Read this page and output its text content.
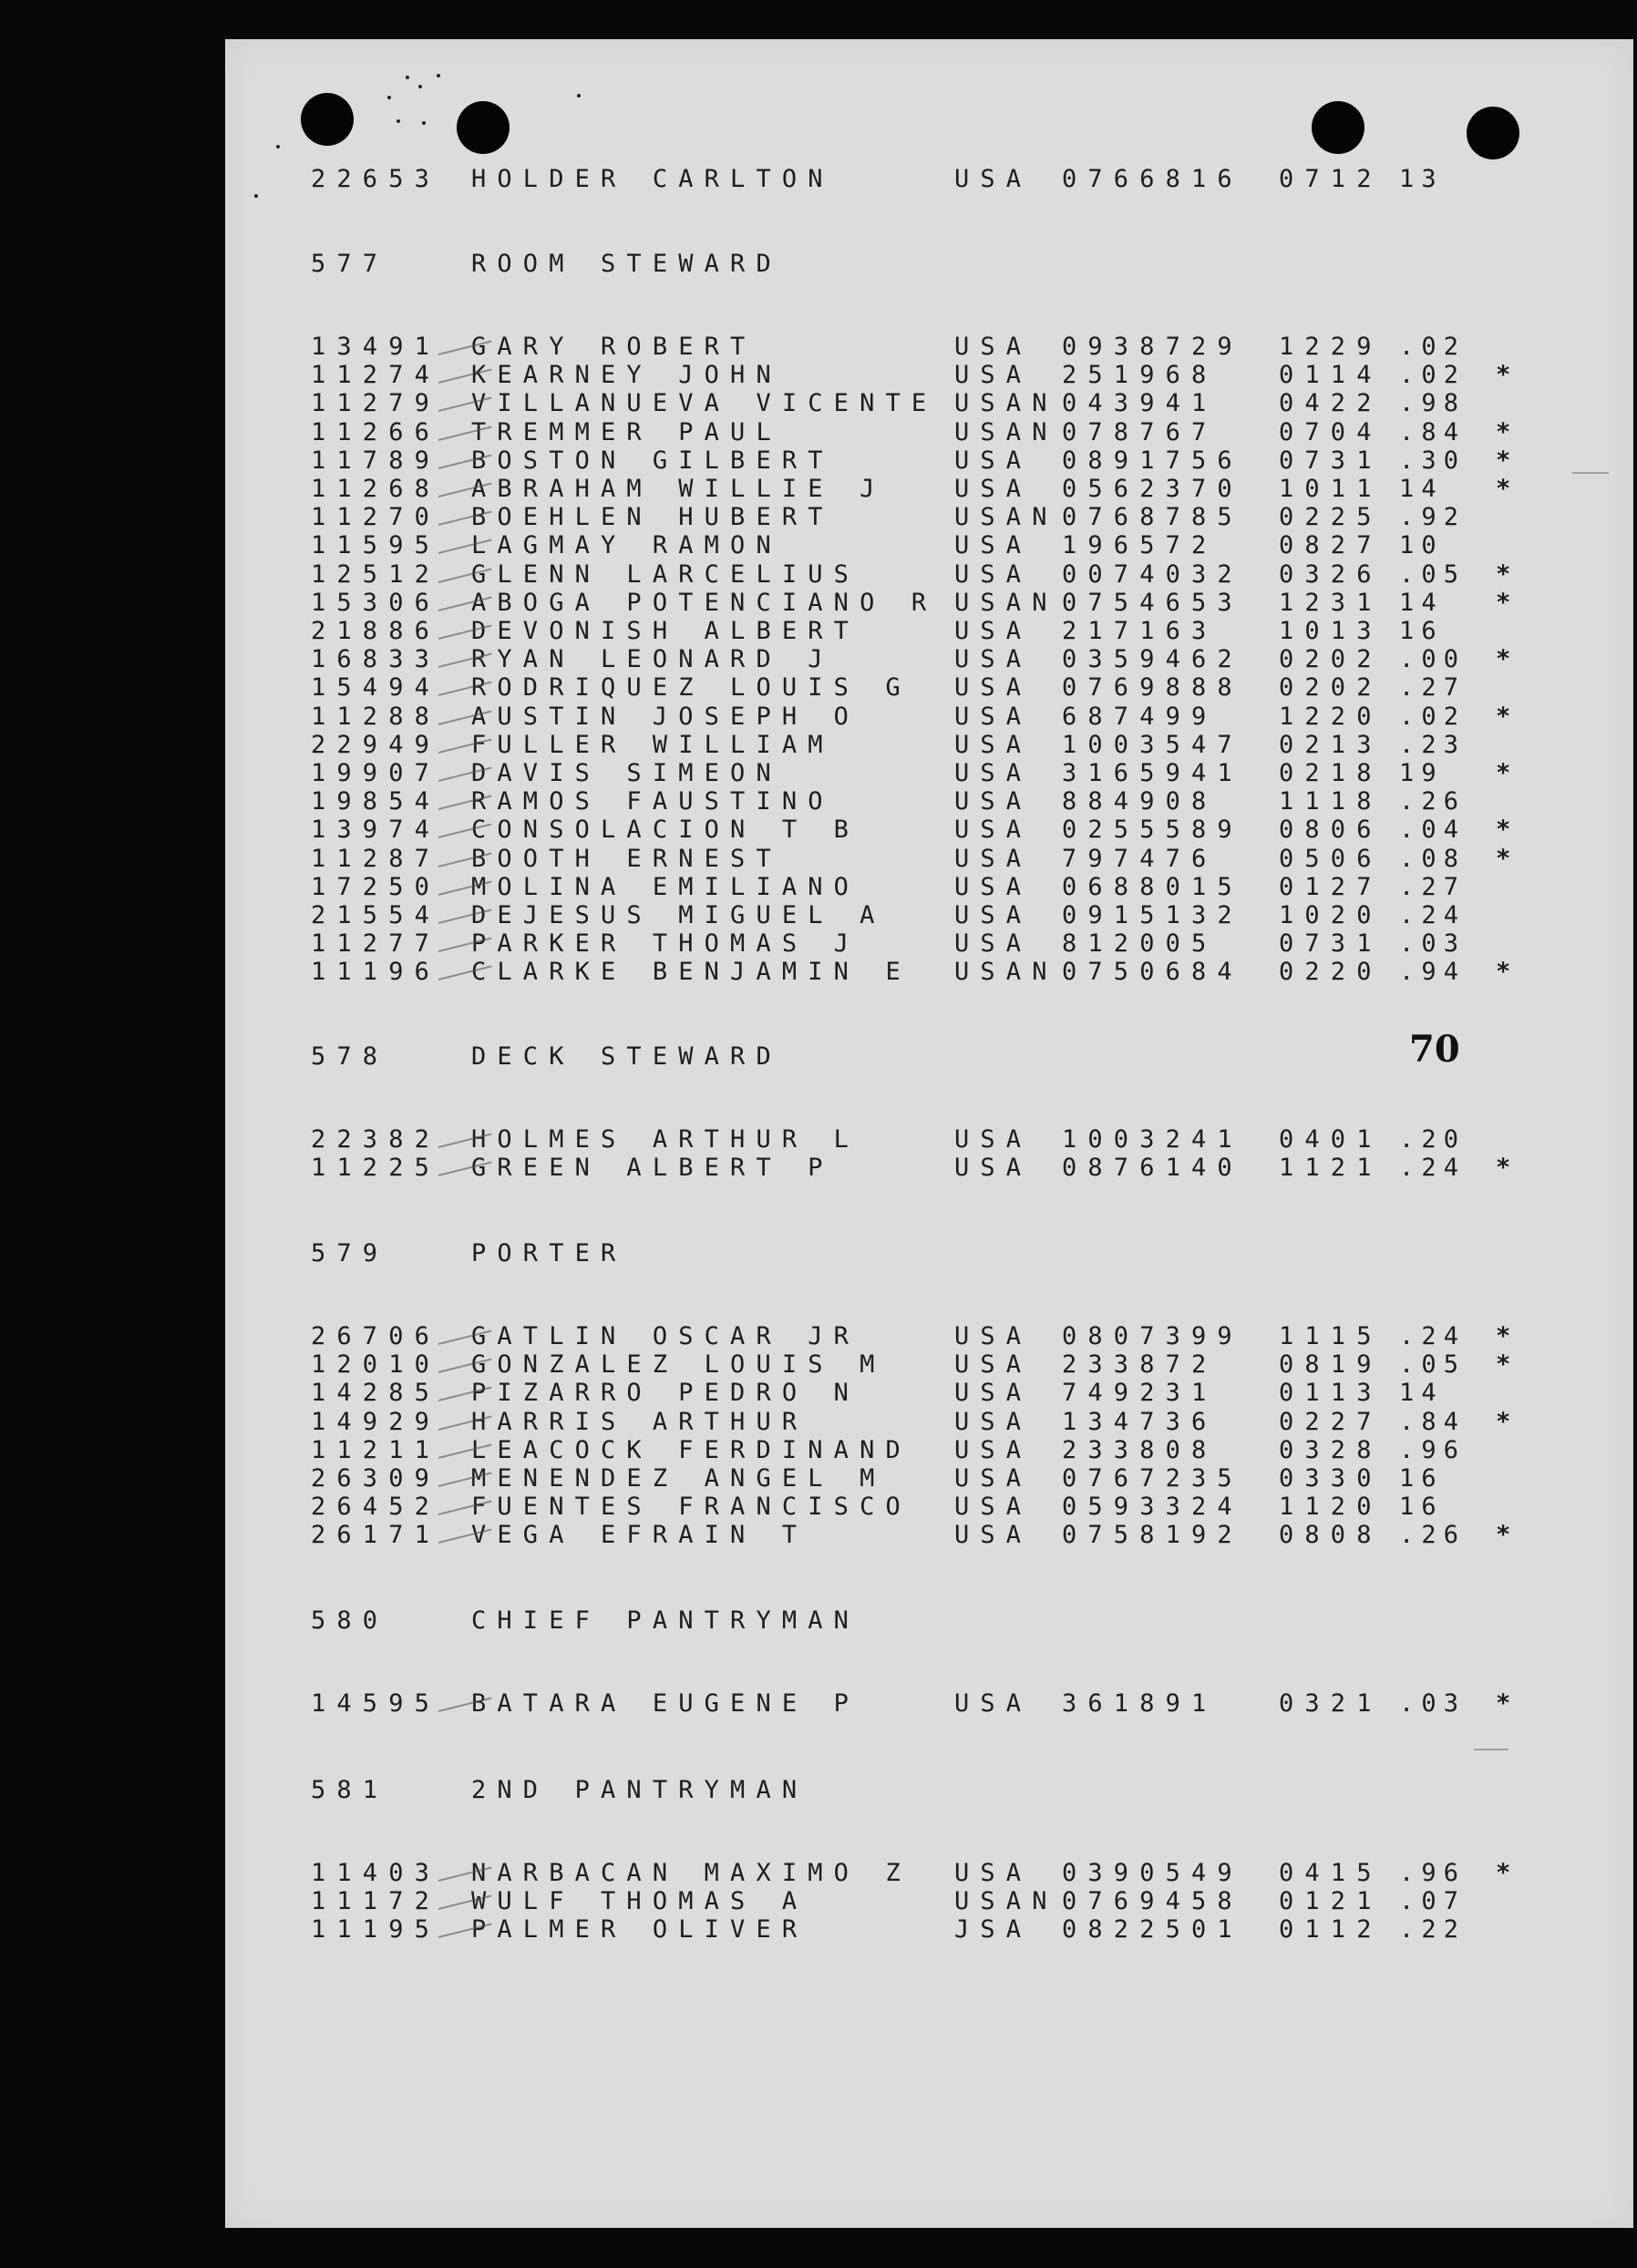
22653 HOLDER CARLTON	USA 0766816 0712 13
577	ROOM STEWARD
13491 GARY ROBERT	USA 0938729 1229 .02
11274 KEARNEY JOHN	USA 251968	0114 .02 *
11279 VILLANUEVA VICENTE USAN 043941	0422 .98
11266 TREMMER PAUL	USAN 078767	0704 .84 *
11789 BOSTON GILBERT	USA 0891756 0731 .30 *
11268 ABRAHAM WILLIE J	USA 0562370 1011 14 *
11270 BOEHLEN HUBERT	USAN 0768785 0225 .92
11595 LAGMAY RAMON	USA 196572	0827 10
12512 GLENN LARCELIUS	USA 0074032 0326 .05 *
15306 ABOGA POTENCIANO R USAN 0754653 1231 14 *
21886 DEVONISH ALBERT	USA 217163	1013 16
16833 RYAN LEONARD J	USA 0359462 0202 .00 *
15494 RODRIQUEZ LOUIS G USA 0769888 0202 .27
11288 AUSTIN JOSEPH O	USA 687499	1220 .02 *
22949 FULLER WILLIAM	USA 1003547 0213 .23
19907 DAVIS SIMEON	USA 3165941 0218 19 *
19854 RAMOS FAUSTINO	USA 884908	1118 .26
13974 CONSOLACION T B	USA 0255589 0806 .04 *
11287 BOOTH ERNEST	USA 797476	0506 .08 *
17250 MOLINA EMILIANO	USA 0688015 0127 .27
21554 DEJESUS MIGUEL A	USA 0915132 1020 .24
11277 PARKER THOMAS J	USA 812005	0731 .03
11196 CLARKE BENJAMIN E USAN 0750684 0220 .94 *
578	DECK STEWARD
22382 HOLMES ARTHUR L	USA 1003241 0401 .20
11225 GREEN ALBERT P	USA 0876140 1121 .24 *
579	PORTER
26706 GATLIN OSCAR JR	USA 0807399 1115 .24 *
12010 GONZALEZ LOUIS M	USA 233872	0819 .05 *
14285 PIZARRO PEDRO N	USA 749231	0113 14
14929 HARRIS ARTHUR	USA 134736	0227 .84 *
11211 LEACOCK FERDINAND USA 233808	0328 .96
26309 MENENDEZ ANGEL M	USA 0767235 0330 16
26452 FUENTES FRANCISCO USA 0593324 1120 16
26171 VEGA EFRAIN T	USA 0758192 0808 .26 *
580	CHIEF PANTRYMAN
14595 BATARA EUGENE P	USA 361891	0321 .03 *
581	2ND PANTRYMAN
11403 NARBACAN MAXIMO Z USA 0390549 0415 .96 *
11172 WULF THOMAS A	USAN 0769458 0121 .07
11195 PALMER OLIVER	JSA 0822501 0112 .22
70
